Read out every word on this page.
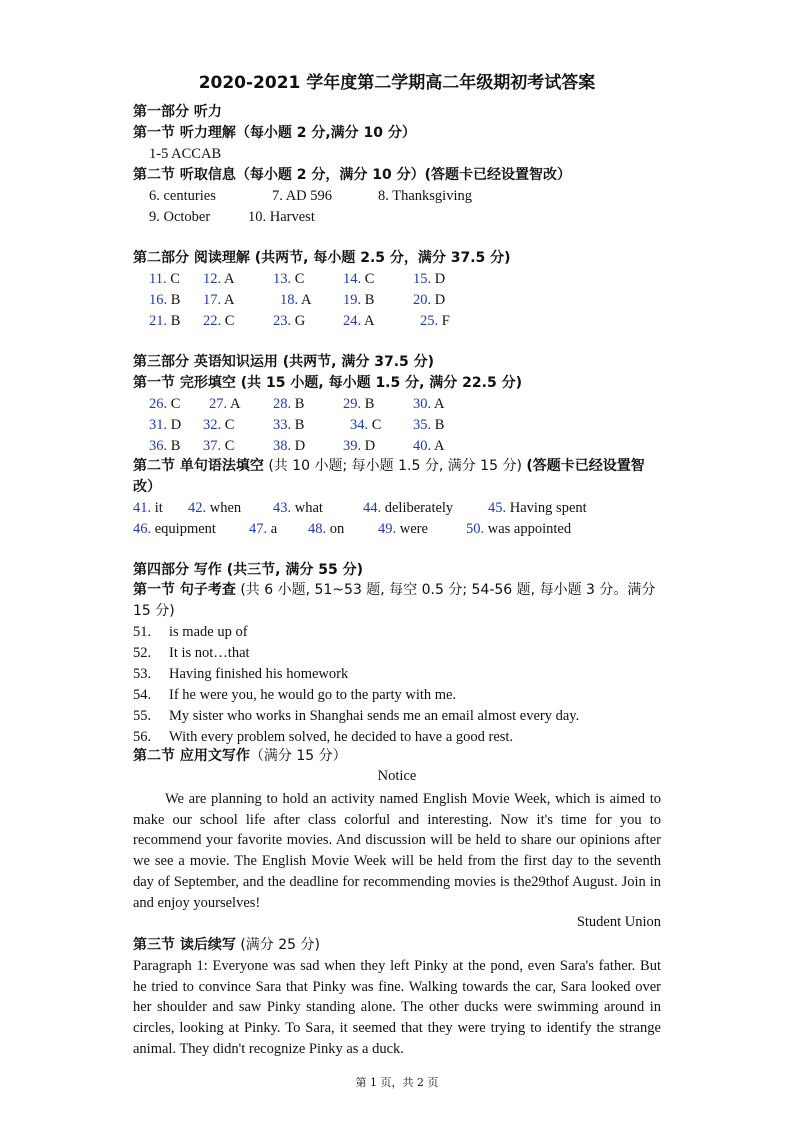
2020-2021 学年度第二学期高二年级期初考试答案
第一部分 听力
第一节 听力理解（每小题 2 分,满分 10 分）
1-5 ACCAB
第二节 听取信息（每小题 2 分，满分 10 分）(答题卡已经设置智改）
6. centuries	7. AD 596	8. Thanksgiving
9. October	10. Harvest
第二部分 阅读理解 (共两节, 每小题 2.5 分，满分 37.5 分)
11. C 12. A	13. C	14. C	15. D
16. B 17. A	18. A 19. B	20. D
21. B 22. C	23. G	24. A	25. F
第三部分 英语知识运用 (共两节, 满分 37.5 分)
第一节 完形填空 (共 15 小题, 每小题 1.5 分, 满分 22.5 分)
26. C 27. A 28. B	29. B	30. A
31. D 32. C	33. B	34. C 35. B
36. B 37. C	38. D	39. D	40. A
第二节 单句语法填空 (共 10 小题; 每小题 1.5 分, 满分 15 分) (答题卡已经设置智改）
41. it 42. when 43. what	44. deliberately 45. Having spent
46. equipment 47. a 48. on 49. were	50. was appointed
第四部分 写作 (共三节, 满分 55 分)
第一节 句子考查 (共 6 小题, 51~53 题, 每空 0.5 分; 54-56 题, 每小题 3 分。满分 15 分)
51. is made up of
52. It is not…that
53. Having finished his homework
54. If he were you, he would go to the party with me.
55. My sister who works in Shanghai sends me an email almost every day.
56. With every problem solved, he decided to have a good rest.
第二节 应用文写作（满分 15 分）
Notice
We are planning to hold an activity named English Movie Week, which is aimed to make our school life after class colorful and interesting. Now it's time for you to recommend your favorite movies. And discussion will be held to share our opinions after we see a movie. The English Movie Week will be held from the first day to the seventh day of September, and the deadline for recommending movies is the29thof August. Join in and enjoy yourselves!
Student Union
第三节 读后续写 (满分 25 分)
Paragraph 1: Everyone was sad when they left Pinky at the pond, even Sara's father. But he tried to convince Sara that Pinky was fine. Walking towards the car, Sara looked over her shoulder and saw Pinky standing alone. The other ducks were swimming around in circles, looking at Pinky. To Sara, it seemed that they were trying to identify the strange animal. They didn't recognize Pinky as a duck.
第 1 页，共 2 页
